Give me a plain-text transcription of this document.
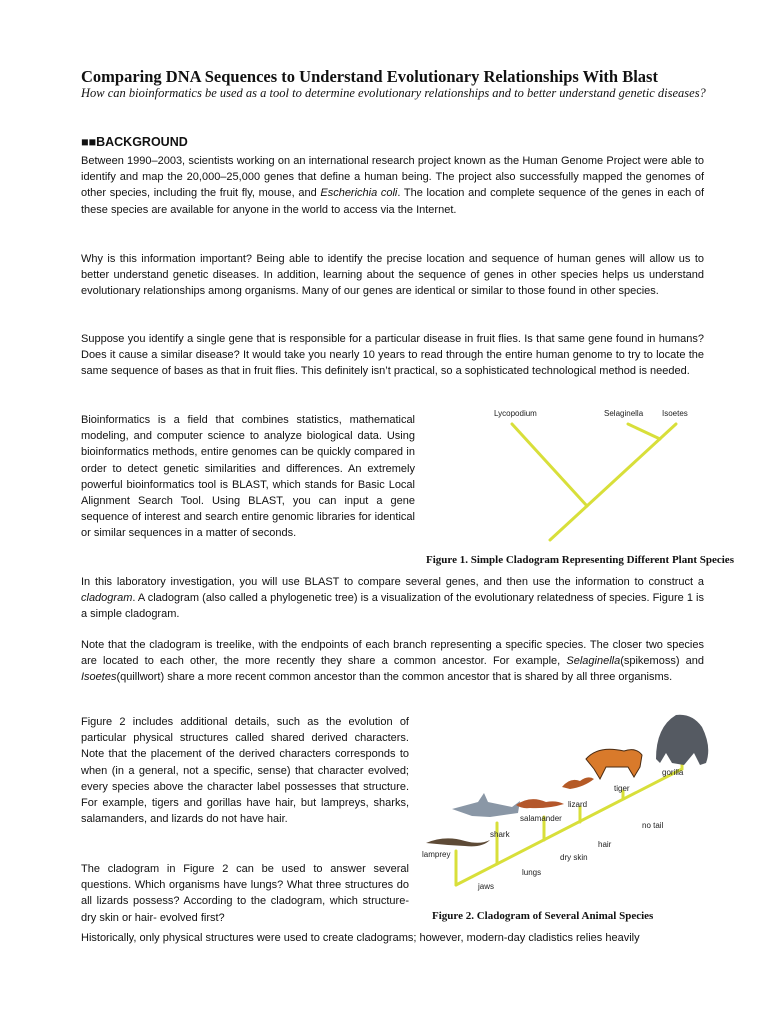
Comparing DNA Sequences to Understand Evolutionary Relationships With Blast

How can bioinformatics be used as a tool to determine evolutionary relationships and to better understand genetic diseases?

■■BACKGROUND

Between 1990–2003, scientists working on an international research project known as the Human Genome Project were able to identify and map the 20,000–25,000 genes that define a human being. The project also successfully mapped the genomes of other species, including the fruit fly, mouse, and Escherichia coli. The location and complete sequence of the genes in each of these species are available for anyone in the world to access via the Internet.

Why is this information important? Being able to identify the precise location and sequence of human genes will allow us to better understand genetic diseases. In addition, learning about the sequence of genes in other species helps us understand evolutionary relationships among organisms. Many of our genes are identical or similar to those found in other species.

Suppose you identify a single gene that is responsible for a particular disease in fruit flies. Is that same gene found in humans? Does it cause a similar disease? It would take you nearly 10 years to read through the entire human genome to try to locate the same sequence of bases as that in fruit flies. This definitely isn’t practical, so a sophisticated technological method is needed.

Bioinformatics is a field that combines statistics, mathematical modeling, and computer science to analyze biological data. Using bioinformatics methods, entire genomes can be quickly compared in order to detect genetic similarities and differences. An extremely powerful bioinformatics tool is BLAST, which stands for Basic Local Alignment Search Tool. Using BLAST, you can input a gene sequence of interest and search entire genomic libraries for identical or similar sequences in a matter of seconds.

Lycopodium	Selaginella Isoetes

Figure 1. Simple Cladogram Representing Different Plant Species

In this laboratory investigation, you will use BLAST to compare several genes, and then use the information to construct a cladogram. A cladogram (also called a phylogenetic tree) is a visualization of the evolutionary relatedness of species. Figure 1 is a simple cladogram.

Note that the cladogram is treelike, with the endpoints of each branch representing a specific species. The closer two species are located to each other, the more recently they share a common ancestor. For example, Selaginella(spikemoss) and Isoetes(quillwort) share a more recent common ancestor than the common ancestor that is shared by all three organisms.

Figure 2 includes additional details, such as the evolution of particular physical structures called shared derived characters. Note that the placement of the derived characters corresponds to when (in a general, not a specific, sense) that character evolved; every species above the character label possesses that structure. For example, tigers and gorillas have hair, but lampreys, sharks, salamanders, and lizards do not have hair.

The cladogram in Figure 2 can be used to answer several questions. Which organisms have lungs? What three structures do all lizards possess? According to the cladogram, which structure- dry skin or hair- evolved first?

lamprey
shark
salamander
lizard
tiger
gorilla
jaws
lungs
dry skin
hair
no tail

Figure 2. Cladogram of Several Animal Species

Historically, only physical structures were used to create cladograms; however, modern-day cladistics relies heavily
